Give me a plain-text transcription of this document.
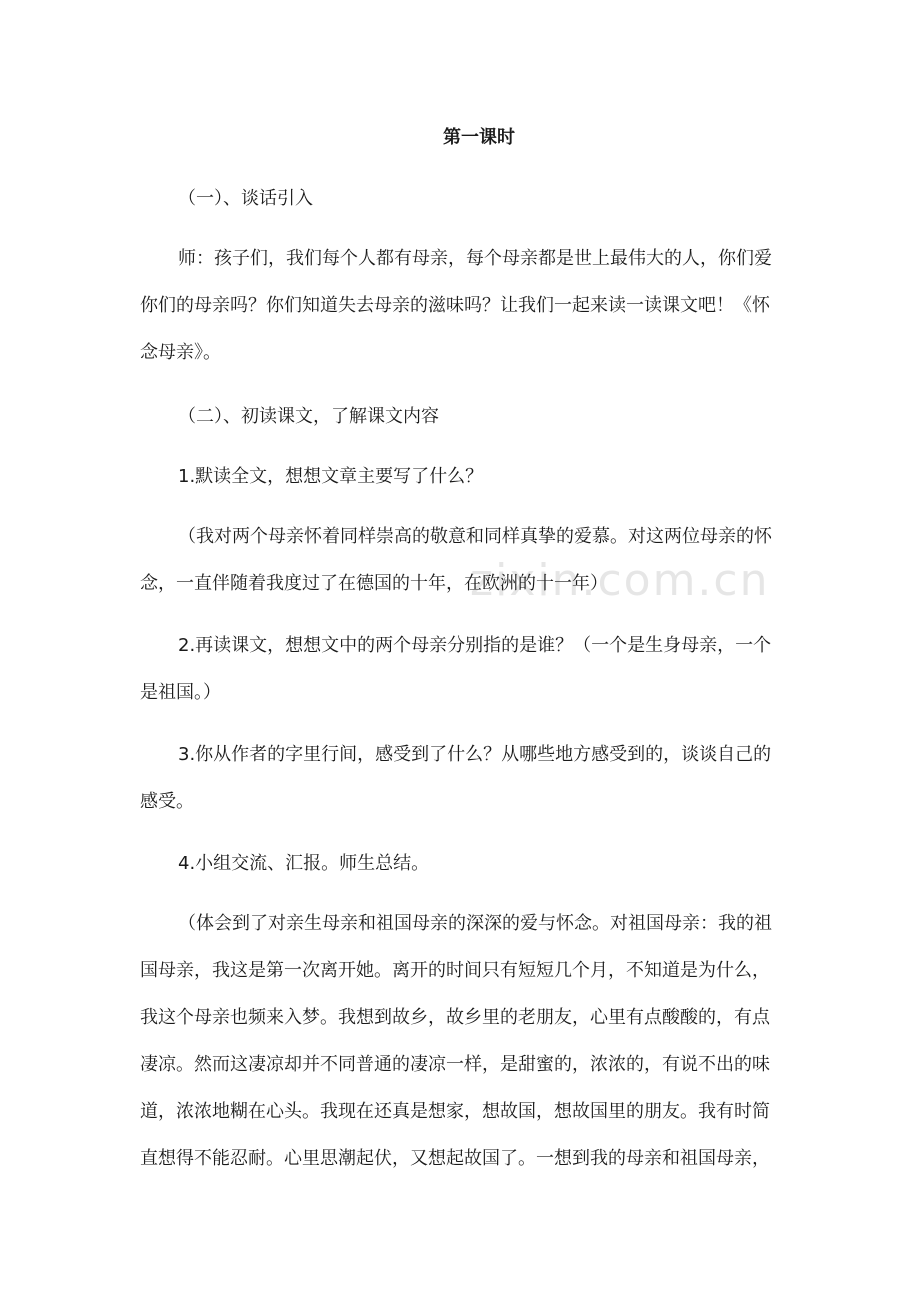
zixin.com.cn
第一课时

（一）、谈话引入

师：孩子们，我们每个人都有母亲，每个母亲都是世上最伟大的人，你们爱你们的母亲吗？你们知道失去母亲的滋味吗？让我们一起来读一读课文吧！《怀念母亲》。

（二）、初读课文，了解课文内容

1.默读全文，想想文章主要写了什么？

（我对两个母亲怀着同样崇高的敬意和同样真挚的爱慕。对这两位母亲的怀念，一直伴随着我度过了在德国的十年，在欧洲的十一年）

2.再读课文，想想文中的两个母亲分别指的是谁？（一个是生身母亲，一个是祖国。）

3.你从作者的字里行间，感受到了什么？从哪些地方感受到的，谈谈自己的感受。

4.小组交流、汇报。师生总结。

（体会到了对亲生母亲和祖国母亲的深深的爱与怀念。对祖国母亲：我的祖国母亲，我这是第一次离开她。离开的时间只有短短几个月，不知道是为什么，我这个母亲也频来入梦。我想到故乡，故乡里的老朋友，心里有点酸酸的，有点凄凉。然而这凄凉却并不同普通的凄凉一样，是甜蜜的，浓浓的，有说不出的味道，浓浓地糊在心头。我现在还真是想家，想故国，想故国里的朋友。我有时简直想得不能忍耐。心里思潮起伏，又想起故国了。一想到我的母亲和祖国母亲，
